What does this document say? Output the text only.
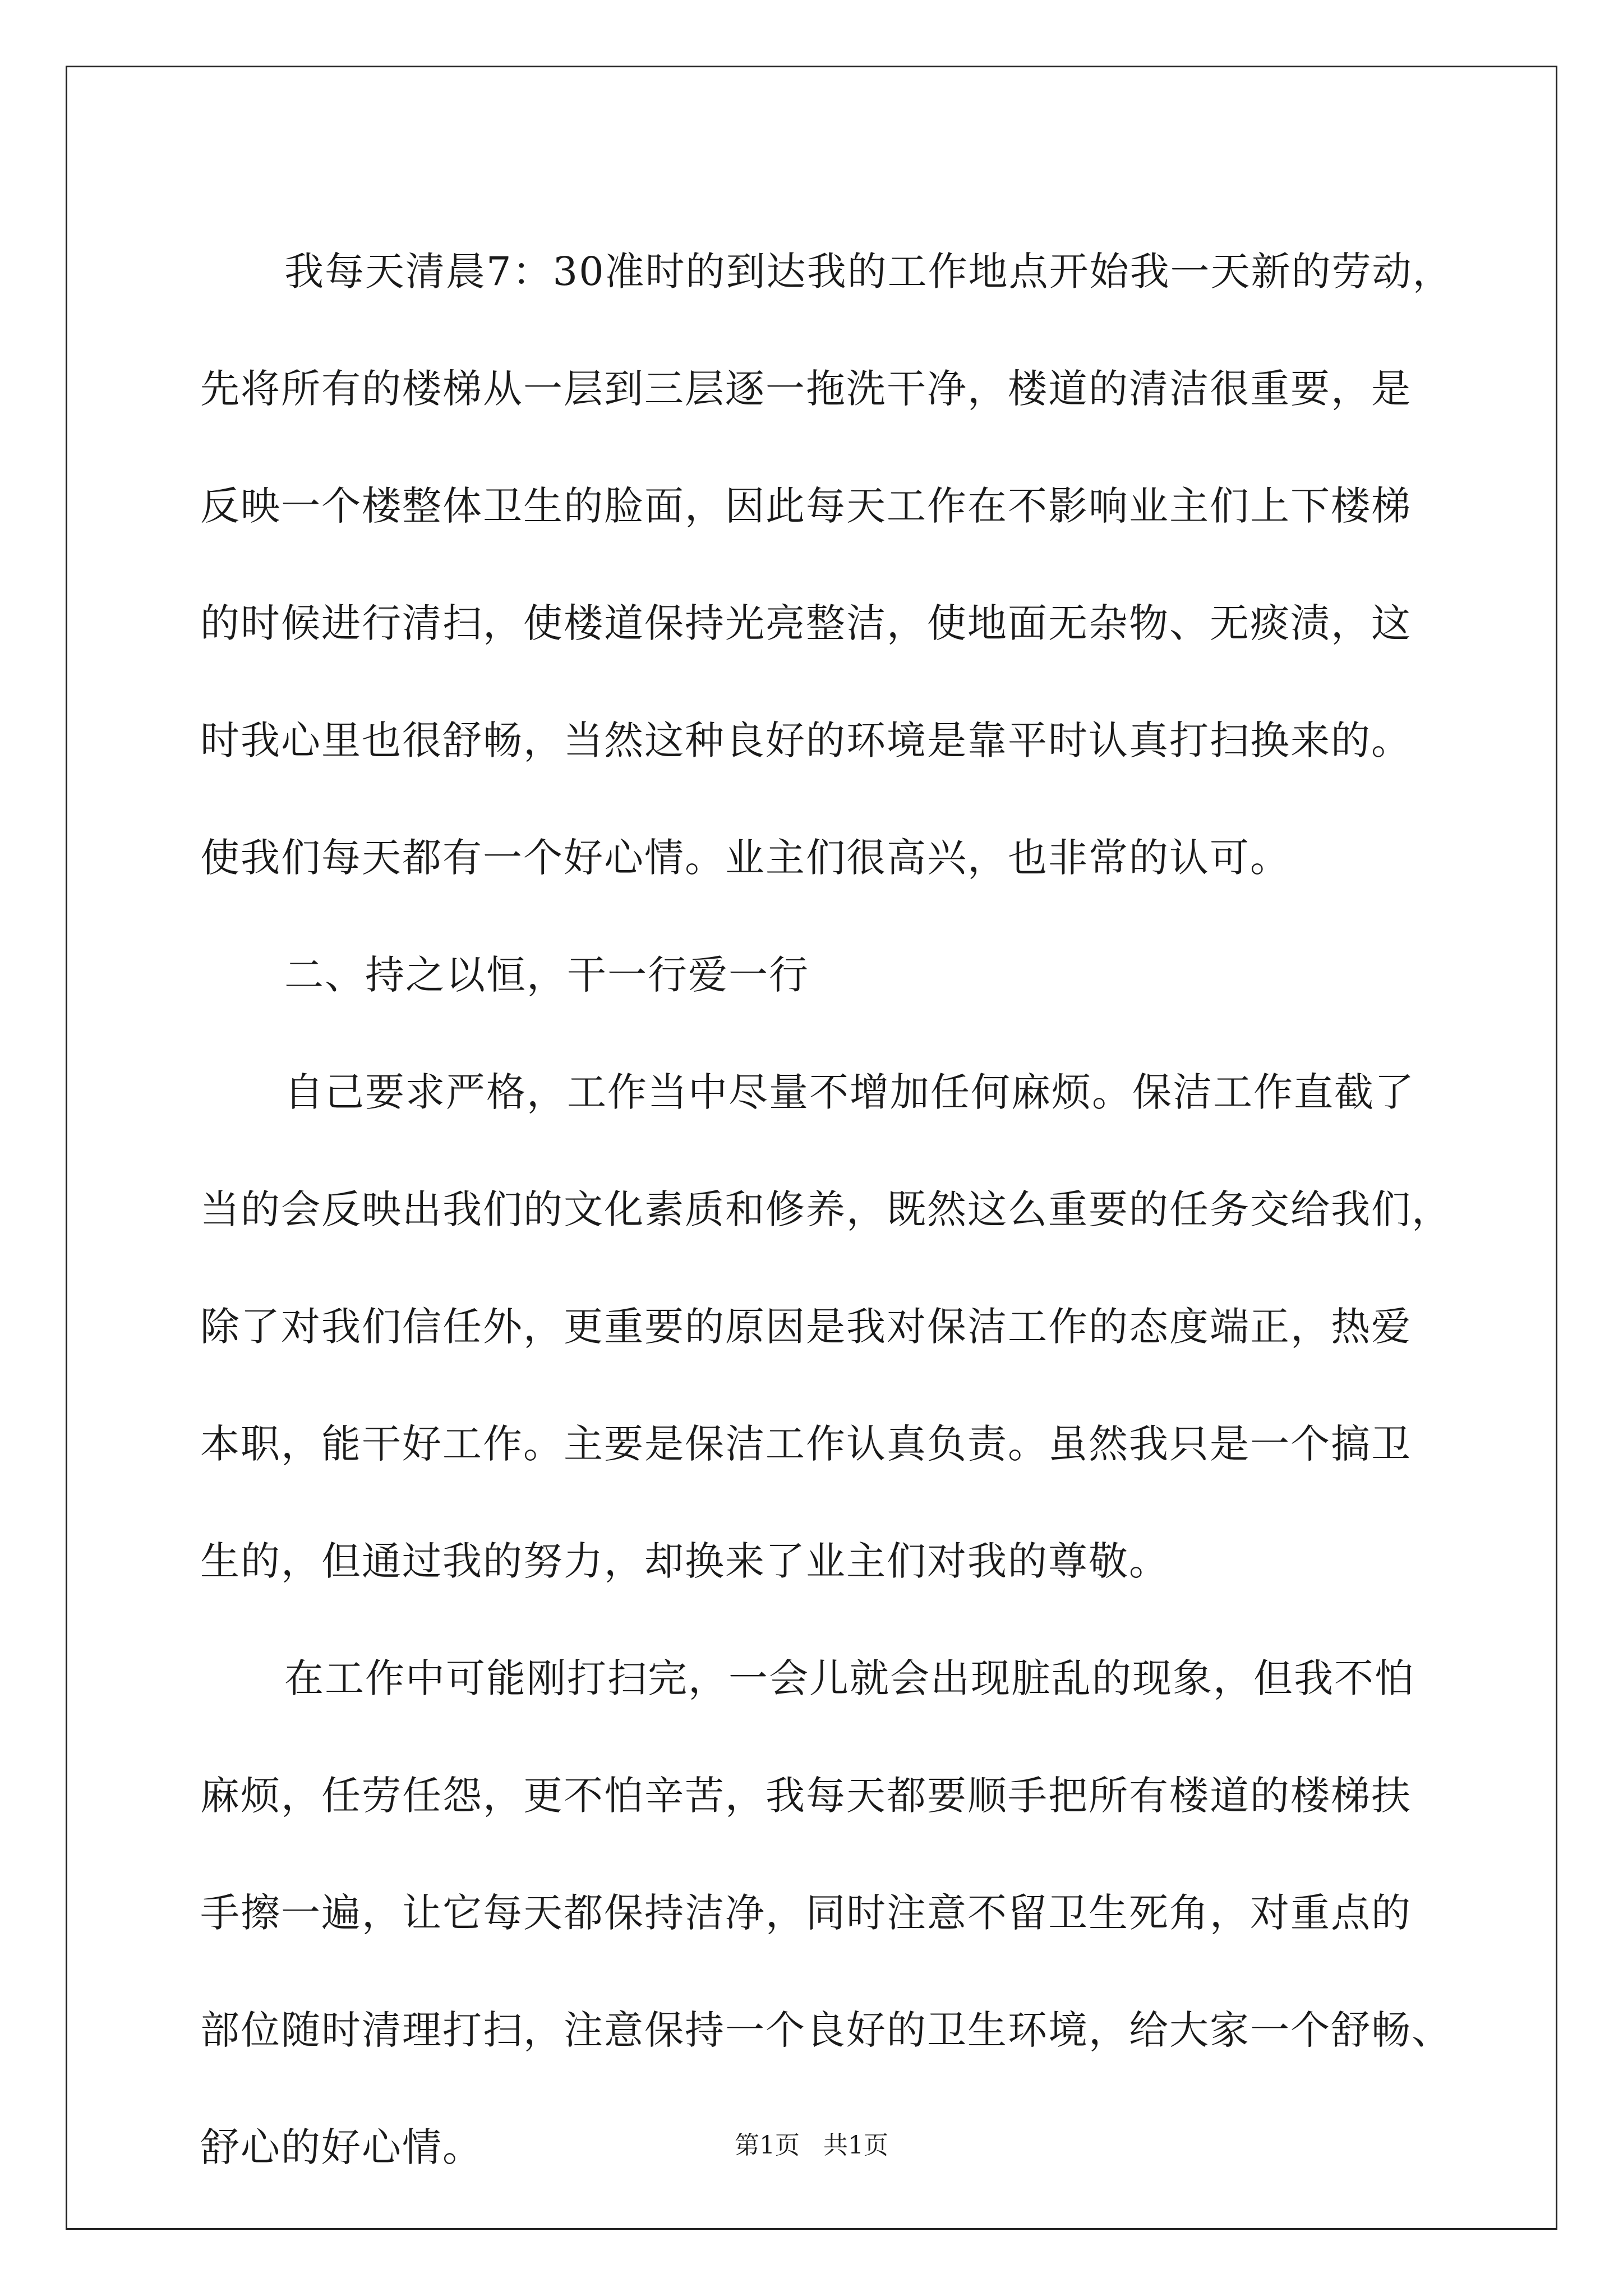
我每天清晨7：30准时的到达我的工作地点开始我一天新的劳动，
先将所有的楼梯从一层到三层逐一拖洗干净，楼道的清洁很重要，是
反映一个楼整体卫生的脸面，因此每天工作在不影响业主们上下楼梯
的时候进行清扫，使楼道保持光亮整洁，使地面无杂物、无痰渍，这
时我心里也很舒畅，当然这种良好的环境是靠平时认真打扫换来的。
使我们每天都有一个好心情。业主们很高兴，也非常的认可。

二、持之以恒，干一行爱一行

自己要求严格，工作当中尽量不增加任何麻烦。保洁工作直截了
当的会反映出我们的文化素质和修养，既然这么重要的任务交给我们，
除了对我们信任外，更重要的原因是我对保洁工作的态度端正，热爱
本职，能干好工作。主要是保洁工作认真负责。虽然我只是一个搞卫
生的，但通过我的努力，却换来了业主们对我的尊敬。

在工作中可能刚打扫完，一会儿就会出现脏乱的现象，但我不怕
麻烦，任劳任怨，更不怕辛苦，我每天都要顺手把所有楼道的楼梯扶
手擦一遍，让它每天都保持洁净，同时注意不留卫生死角，对重点的
部位随时清理打扫，注意保持一个良好的卫生环境，给大家一个舒畅、
舒心的好心情。	第1页   共1页
